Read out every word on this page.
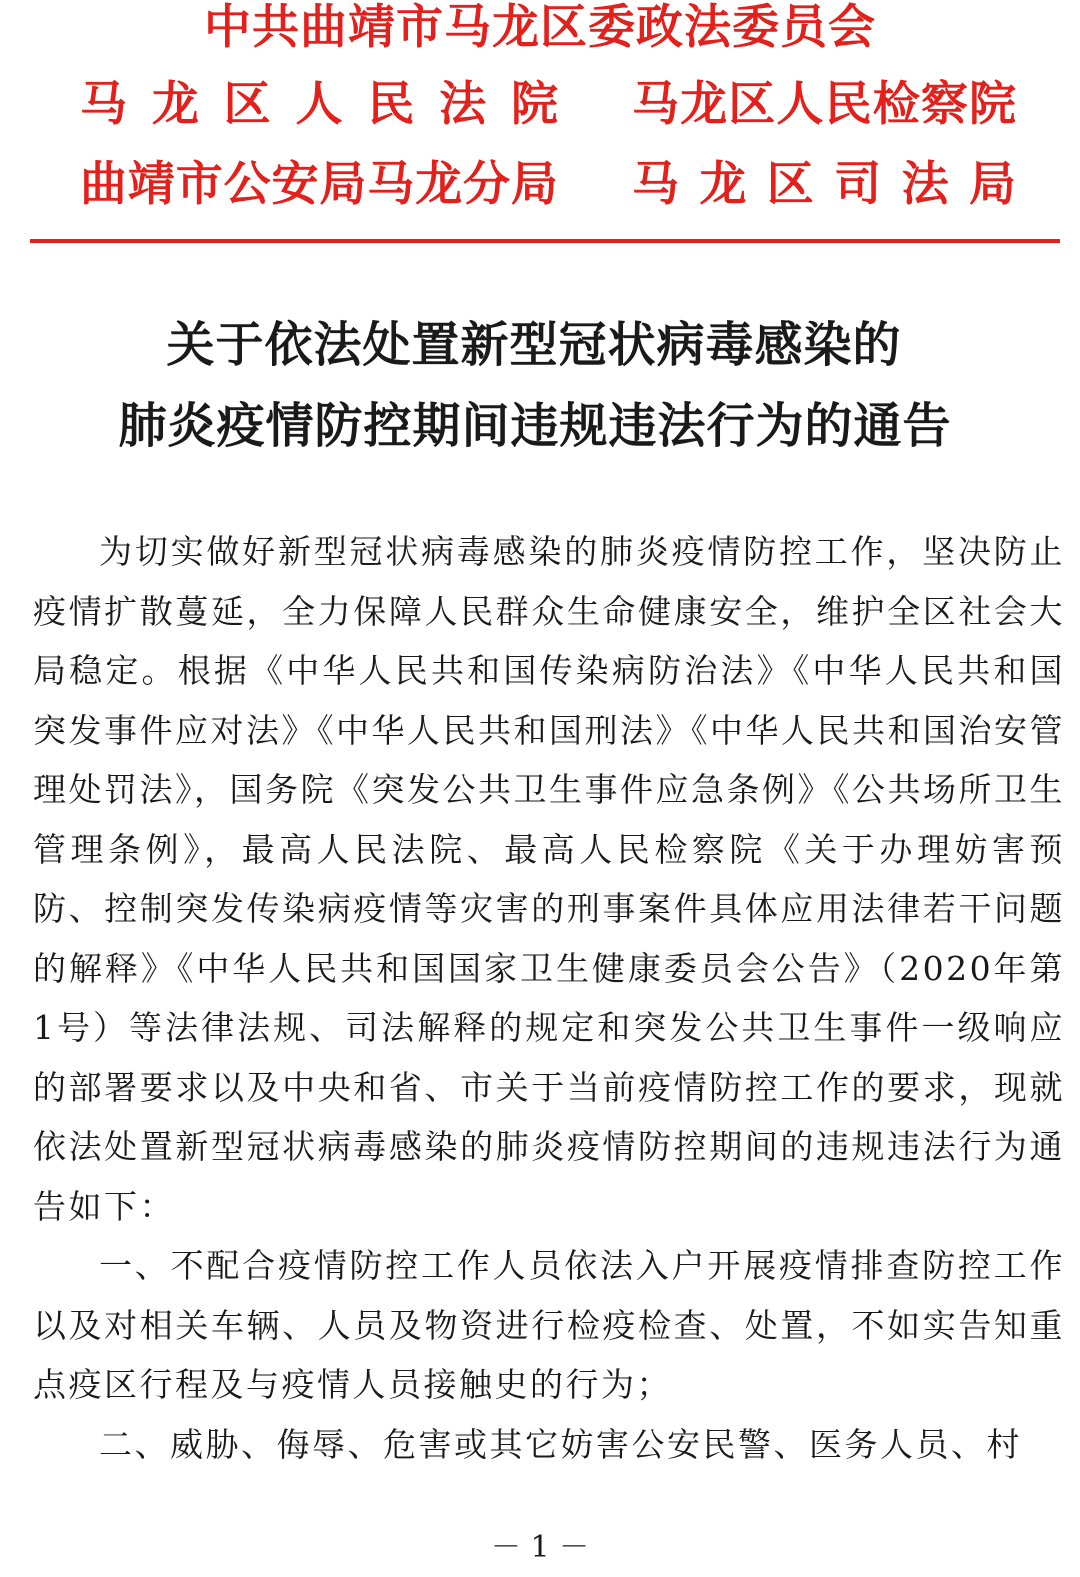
中共曲靖市马龙区委政法委员会
马 龙 区 人 民 法 院 马 龙 区 人 民 检 察 院
曲 靖 市 公 安 局 马 龙 分 局 马 龙 区 司 法 局
关于依法处置新型冠状病毒感染的
肺炎疫情防控期间违规违法行为的通告

为切实做好新型冠状病毒感染的肺炎疫情防控工作，坚决防止疫情扩散蔓延，全力保障人民群众生命健康安全，维护全区社会大局稳定。根据《中华人民共和国传染病防治法》《中华人民共和国突发事件应对法》《中华人民共和国刑法》《中华人民共和国治安管理处罚法》，国务院《突发公共卫生事件应急条例》《公共场所卫生管理条例》，最高人民法院、最高人民检察院《关于办理妨害预防、控制突发传染病疫情等灾害的刑事案件具体应用法律若干问题的解释》《中华人民共和国国家卫生健康委员会公告》（2020年第1号）等法律法规、司法解释的规定和突发公共卫生事件一级响应的部署要求以及中央和省、市关于当前疫情防控工作的要求，现就依法处置新型冠状病毒感染的肺炎疫情防控期间的违规违法行为通告如下：

一、不配合疫情防控工作人员依法入户开展疫情排查防控工作以及对相关车辆、人员及物资进行检疫检查、处置，不如实告知重点疫区行程及与疫情人员接触史的行为；

二、威胁、侮辱、危害或其它妨害公安民警、医务人员、村

－ 1 －
